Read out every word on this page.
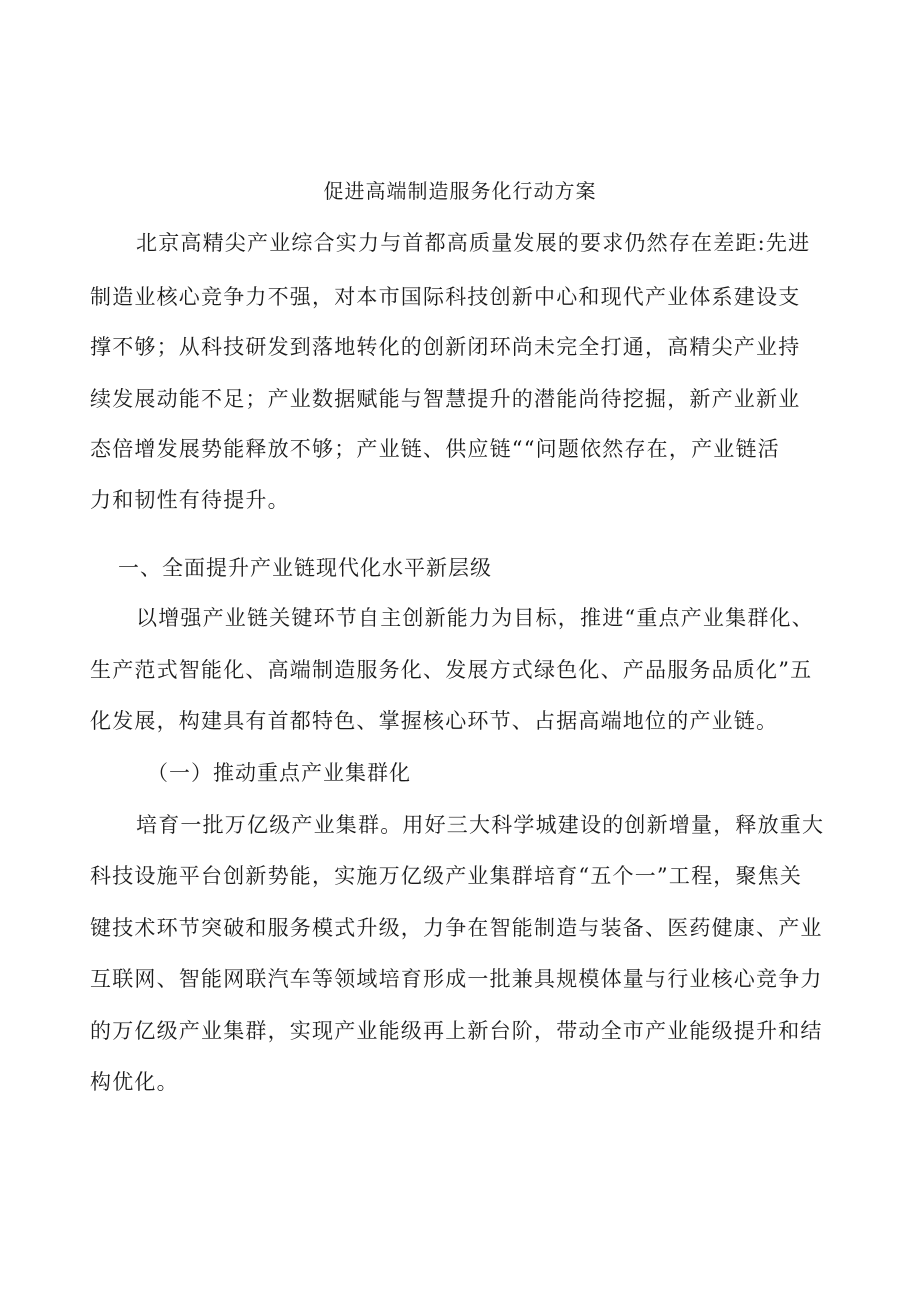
促进高端制造服务化行动方案
北京高精尖产业综合实力与首都高质量发展的要求仍然存在差距:先进
制造业核心竞争力不强，对本市国际科技创新中心和现代产业体系建设支
撑不够；从科技研发到落地转化的创新闭环尚未完全打通，高精尖产业持
续发展动能不足；产业数据赋能与智慧提升的潜能尚待挖掘，新产业新业
态倍增发展势能释放不够；产业链、供应链““问题依然存在，产业链活
力和韧性有待提升。
一、全面提升产业链现代化水平新层级
以增强产业链关键环节自主创新能力为目标，推进“重点产业集群化、
生产范式智能化、高端制造服务化、发展方式绿色化、产品服务品质化”五
化发展，构建具有首都特色、掌握核心环节、占据高端地位的产业链。
（一）推动重点产业集群化
培育一批万亿级产业集群。用好三大科学城建设的创新增量，释放重大
科技设施平台创新势能，实施万亿级产业集群培育“五个一”工程，聚焦关
键技术环节突破和服务模式升级，力争在智能制造与装备、医药健康、产业
互联网、智能网联汽车等领域培育形成一批兼具规模体量与行业核心竞争力
的万亿级产业集群，实现产业能级再上新台阶，带动全市产业能级提升和结
构优化。
